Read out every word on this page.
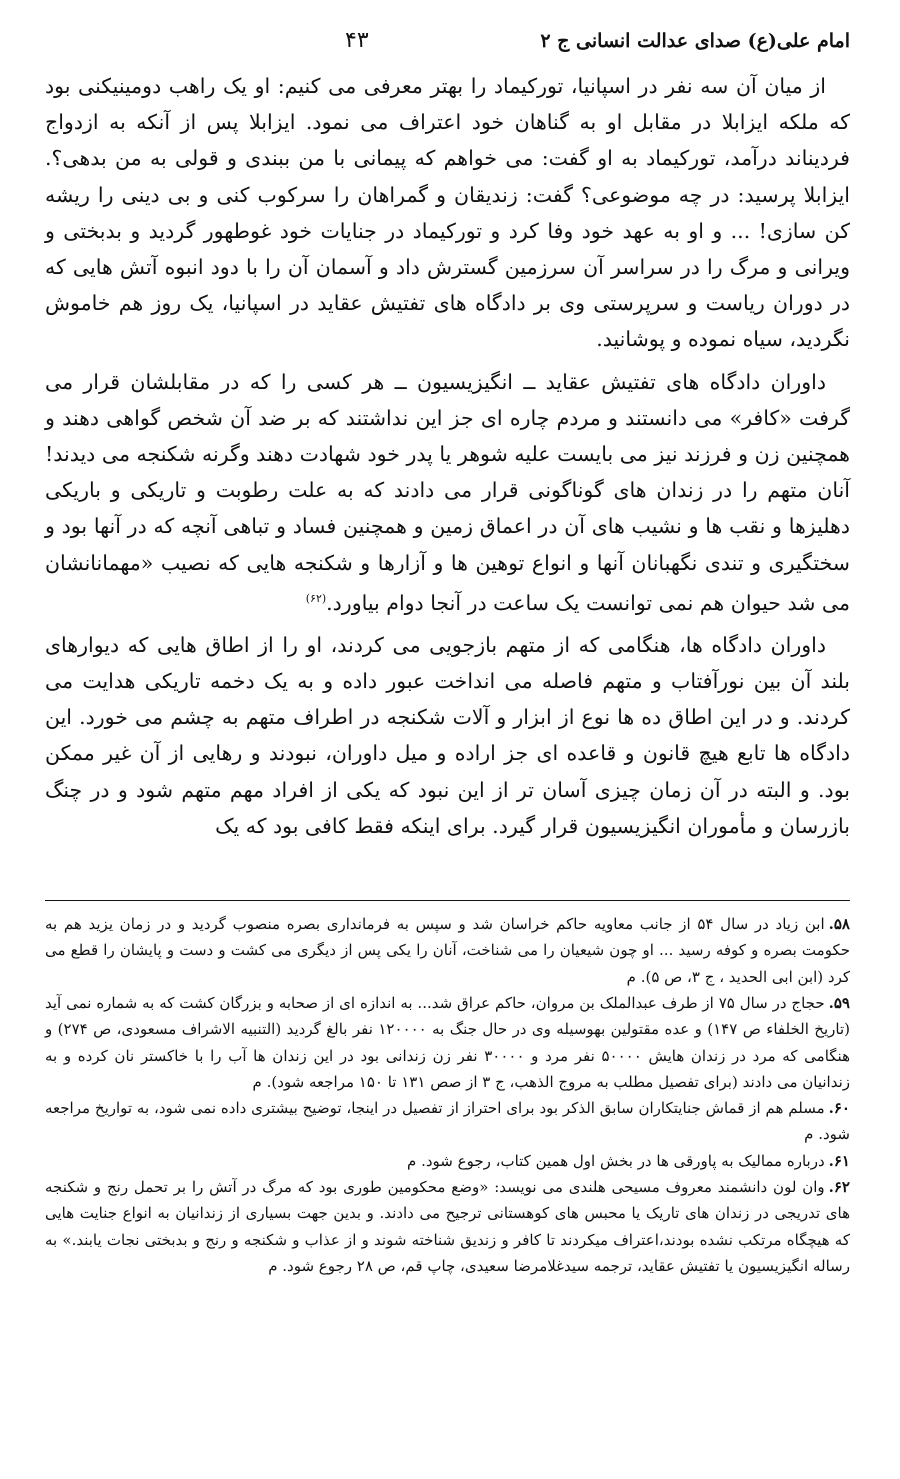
امام علی(ع) صدای عدالت انسانی ج ۲
۴۳

از میان آن سه نفر در اسپانیا، تورکیماد را بهتر معرفی می کنیم: او یک راهب دومینیکنی بود که ملکه ایزابلا در مقابل او به گناهان خود اعتراف می نمود. ایزابلا پس از آنکه به ازدواج فردیناند درآمد، تورکیماد به او گفت: می خواهم که پیمانی با من ببندی و قولی به من بدهی؟. ایزابلا پرسید: در چه موضوعی؟ گفت: زندیقان و گمراهان را سرکوب کنی و بی دینی را ریشه کن سازی! ... و او به عهد خود وفا کرد و تورکیماد در جنایات خود غوطهور گردید و بدبختی و ویرانی و مرگ را در سراسر آن سرزمین گسترش داد و آسمان آن را با دود انبوه آتش هایی که در دوران ریاست و سرپرستی وی بر دادگاه های تفتیش عقاید در اسپانیا، یک روز هم خاموش نگردید، سیاه نموده و پوشانید.

داوران دادگاه های تفتیش عقاید ــ انگیزیسیون ــ هر کسی را که در مقابلشان قرار می گرفت «کافر» می دانستند و مردم چاره ای جز این نداشتند که بر ضد آن شخص گواهی دهند و همچنین زن و فرزند نیز می بایست علیه شوهر یا پدر خود شهادت دهند وگرنه شکنجه می دیدند! آنان متهم را در زندان های گوناگونی قرار می دادند که به علت رطوبت و تاریکی و باریکی دهلیزها و نقب ها و نشیب های آن در اعماق زمین و همچنین فساد و تباهی آنچه که در آنها بود و سختگیری و تندی نگهبانان آنها و انواع توهین ها و آزارها و شکنجه هایی که نصیب «مهمانانشان می شد حیوان هم نمی توانست یک ساعت در آنجا دوام بیاورد.$^{(۶۲)}$

داوران دادگاه ها، هنگامی که از متهم بازجویی می کردند، او را از اطاق هایی که دیوارهای بلند آن بین نورآفتاب و متهم فاصله می انداخت عبور داده و به یک دخمه تاریکی هدایت می کردند. و در این اطاق ده ها نوع از ابزار و آلات شکنجه در اطراف متهم به چشم می خورد. این دادگاه ها تابع هیچ قانون و قاعده ای جز اراده و میل داوران، نبودند و رهایی از آن غیر ممکن بود. و البته در آن زمان چیزی آسان تر از این نبود که یکی از افراد مهم متهم شود و در چنگ بازرسان و مأموران انگیزیسیون قرار گیرد. برای اینکه فقط کافی بود که یک

۵۸.ابن زیاد در سال ۵۴ از جانب معاویه حاکم خراسان شد و سپس به فرمانداری بصره منصوب گردید و در زمان یزید هم به حکومت بصره و کوفه رسید ... او چون شیعیان را می شناخت، آنان را یکی پس از دیگری می کشت و دست و پایشان را قطع می کرد (ابن ابی الحدید ، ج ۳، ص ۵). م

۵۹.حجاج در سال ۷۵ از طرف عبدالملک بن مروان، حاکم عراق شد... به اندازه ای از صحابه و بزرگان کشت که به شماره نمی آید (تاریخ الخلفاء ص ۱۴۷) و عده مقتولین بهوسیله وی در حال جنگ به ۱۲۰۰۰۰ نفر بالغ گردید (التنبیه الاشراف مسعودی، ص ۲۷۴) و هنگامی که مرد در زندان هایش ۵۰۰۰۰ نفر مرد و ۳۰۰۰۰ نفر زن زندانی بود در این زندان ها آب را با خاکستر نان کرده و به زندانیان می دادند (برای تفصیل مطلب به مروج الذهب، ج ۳ از صص ۱۳۱ تا ۱۵۰ مراجعه شود). م

۶۰.مسلم هم از قماش جنایتکاران سابق الذکر بود برای احتراز از تفصیل در اینجا، توضیح بیشتری داده نمی شود، به تواریخ مراجعه شود. م

۶۱.درباره ممالیک به پاورقی ها در بخش اول همین کتاب، رجوع شود. م

۶۲.وان لون دانشمند معروف مسیحی هلندی می نویسد: «وضع محکومین طوری بود که مرگ در آتش را بر تحمل رنج و شکنجه های تدریجی در زندان های تاریک یا محبس های کوهستانی ترجیح می دادند. و بدین جهت بسیاری از زندانیان به انواع جنایت هایی که هیچگاه مرتکب نشده بودند،اعتراف میکردند تا کافر و زندیق شناخته شوند و از عذاب و شکنجه و رنج و بدبختی نجات یابند.» به رساله انگیزیسیون یا تفتیش عقاید، ترجمه سیدغلامرضا سعیدی، چاپ قم، ص ۲۸ رجوع شود. م
